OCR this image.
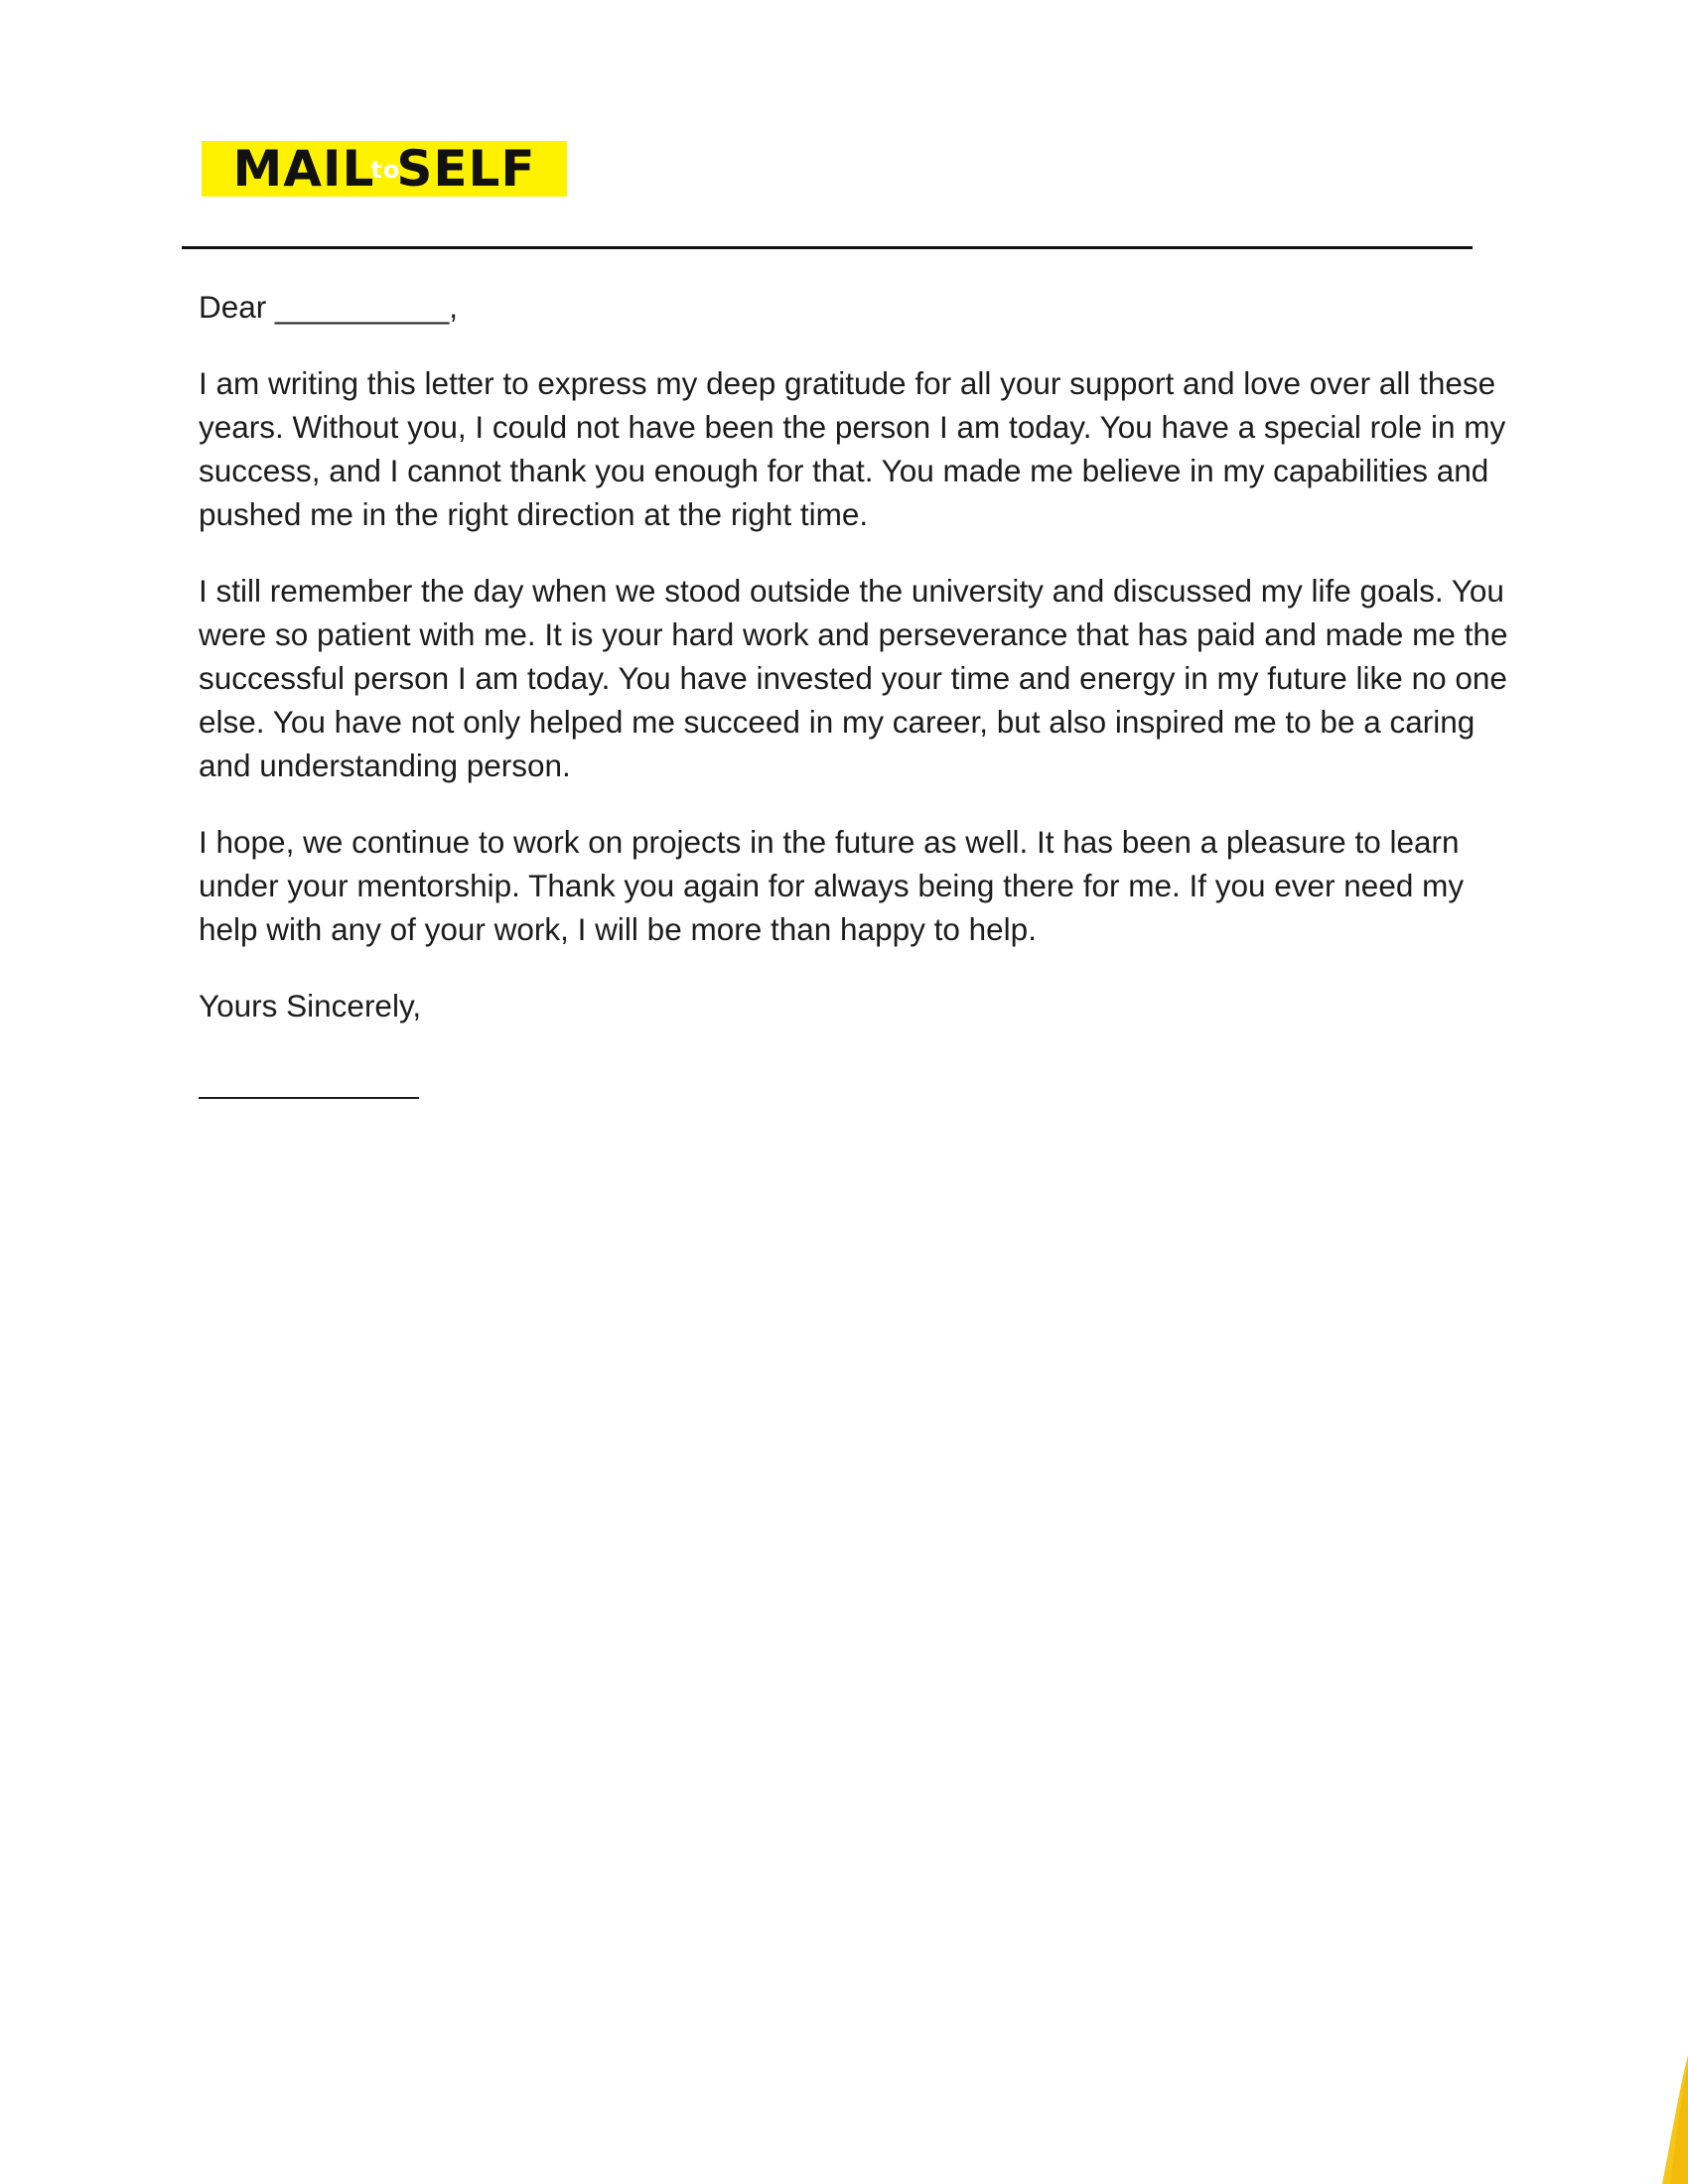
MAIL
to
SELF

Dear __________,

I am writing this letter to express my deep gratitude for all your support and love over all these years. Without you, I could not have been the person I am today. You have a special role in my success, and I cannot thank you enough for that. You made me believe in my capabilities and pushed me in the right direction at the right time.

I still remember the day when we stood outside the university and discussed my life goals. You were so patient with me. It is your hard work and perseverance that has paid and made me the successful person I am today. You have invested your time and energy in my future like no one else. You have not only helped me succeed in my career, but also inspired me to be a caring and understanding person.

I hope, we continue to work on projects in the future as well. It has been a pleasure to learn under your mentorship. Thank you again for always being there for me. If you ever need my help with any of your work, I will be more than happy to help.

Yours Sincerely,
